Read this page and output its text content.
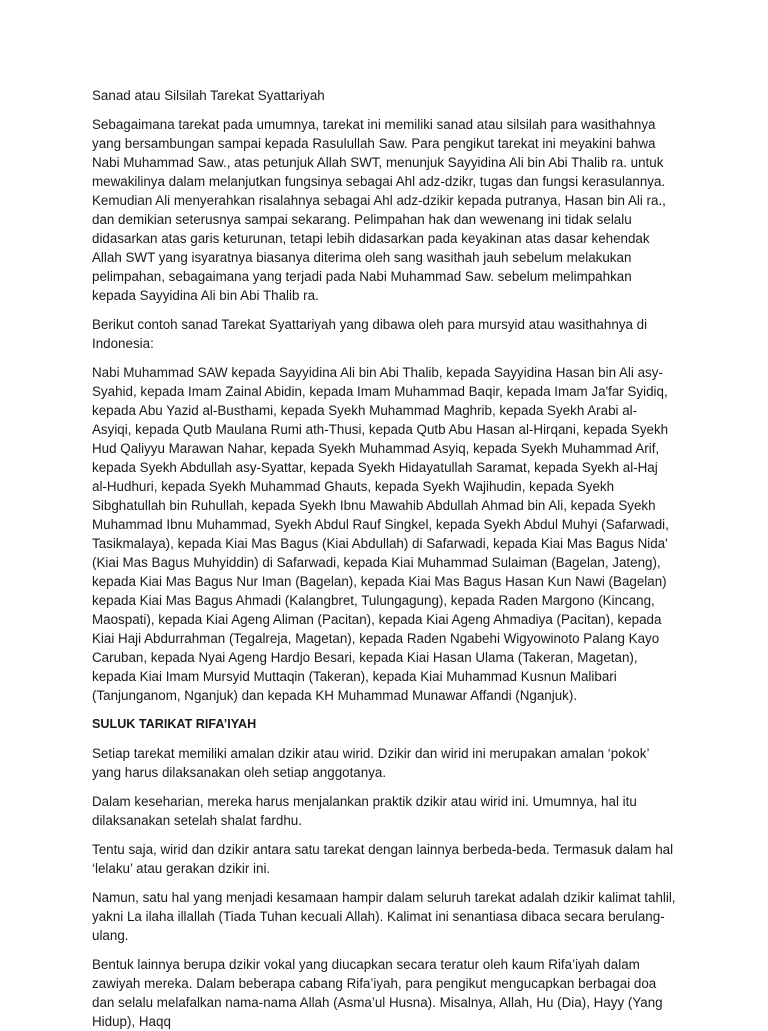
Sanad atau Silsilah Tarekat Syattariyah

Sebagaimana tarekat pada umumnya, tarekat ini memiliki sanad atau silsilah para wasithahnya yang bersambungan sampai kepada Rasulullah Saw. Para pengikut tarekat ini meyakini bahwa Nabi Muhammad Saw., atas petunjuk Allah SWT, menunjuk Sayyidina Ali bin Abi Thalib ra. untuk mewakilinya dalam melanjutkan fungsinya sebagai Ahl adz-dzikr, tugas dan fungsi kerasulannya. Kemudian Ali menyerahkan risalahnya sebagai Ahl adz-dzikir kepada putranya, Hasan bin Ali ra., dan demikian seterusnya sampai sekarang. Pelimpahan hak dan wewenang ini tidak selalu didasarkan atas garis keturunan, tetapi lebih didasarkan pada keyakinan atas dasar kehendak Allah SWT yang isyaratnya biasanya diterima oleh sang wasithah jauh sebelum melakukan pelimpahan, sebagaimana yang terjadi pada Nabi Muhammad Saw. sebelum melimpahkan kepada Sayyidina Ali bin Abi Thalib ra.

Berikut contoh sanad Tarekat Syattariyah yang dibawa oleh para mursyid atau wasithahnya di Indonesia:

Nabi Muhammad SAW kepada Sayyidina Ali bin Abi Thalib, kepada Sayyidina Hasan bin Ali asy-Syahid, kepada Imam Zainal Abidin, kepada Imam Muhammad Baqir, kepada Imam Ja'far Syidiq, kepada Abu Yazid al-Busthami, kepada Syekh Muhammad Maghrib, kepada Syekh Arabi al-Asyiqi, kepada Qutb Maulana Rumi ath-Thusi, kepada Qutb Abu Hasan al-Hirqani, kepada Syekh Hud Qaliyyu Marawan Nahar, kepada Syekh Muhammad Asyiq, kepada Syekh Muhammad Arif, kepada Syekh Abdullah asy-Syattar, kepada Syekh Hidayatullah Saramat, kepada Syekh al-Haj al-Hudhuri, kepada Syekh Muhammad Ghauts, kepada Syekh Wajihudin, kepada Syekh Sibghatullah bin Ruhullah, kepada Syekh Ibnu Mawahib Abdullah Ahmad bin Ali, kepada Syekh Muhammad Ibnu Muhammad, Syekh Abdul Rauf Singkel, kepada Syekh Abdul Muhyi (Safarwadi, Tasikmalaya), kepada Kiai Mas Bagus (Kiai Abdullah) di Safarwadi, kepada Kiai Mas Bagus Nida' (Kiai Mas Bagus Muhyiddin) di Safarwadi, kepada Kiai Muhammad Sulaiman (Bagelan, Jateng), kepada Kiai Mas Bagus Nur Iman (Bagelan), kepada Kiai Mas Bagus Hasan Kun Nawi (Bagelan) kepada Kiai Mas Bagus Ahmadi (Kalangbret, Tulungagung), kepada Raden Margono (Kincang, Maospati), kepada Kiai Ageng Aliman (Pacitan), kepada Kiai Ageng Ahmadiya (Pacitan), kepada Kiai Haji Abdurrahman (Tegalreja, Magetan), kepada Raden Ngabehi Wigyowinoto Palang Kayo Caruban, kepada Nyai Ageng Hardjo Besari, kepada Kiai Hasan Ulama (Takeran, Magetan), kepada Kiai Imam Mursyid Muttaqin (Takeran), kepada Kiai Muhammad Kusnun Malibari (Tanjunganom, Nganjuk) dan kepada KH Muhammad Munawar Affandi (Nganjuk).

SULUK TARIKAT RIFA’IYAH

Setiap tarekat memiliki amalan dzikir atau wirid. Dzikir dan wirid ini merupakan amalan ‘pokok’ yang harus dilaksanakan oleh setiap anggotanya.

Dalam keseharian, mereka harus menjalankan praktik dzikir atau wirid ini. Umumnya, hal itu dilaksanakan setelah shalat fardhu.

Tentu saja, wirid dan dzikir antara satu tarekat dengan lainnya berbeda-beda. Termasuk dalam hal ‘lelaku’ atau gerakan dzikir ini.

Namun, satu hal yang menjadi kesamaan hampir dalam seluruh tarekat adalah dzikir kalimat tahlil, yakni La ilaha illallah (Tiada Tuhan kecuali Allah). Kalimat ini senantiasa dibaca secara berulang-ulang.

Bentuk lainnya berupa dzikir vokal yang diucapkan secara teratur oleh kaum Rifa’iyah dalam zawiyah mereka. Dalam beberapa cabang Rifa’iyah, para pengikut mengucapkan berbagai doa dan selalu melafalkan nama-nama Allah (Asma’ul Husna). Misalnya, Allah, Hu (Dia), Hayy (Yang Hidup), Haqq
